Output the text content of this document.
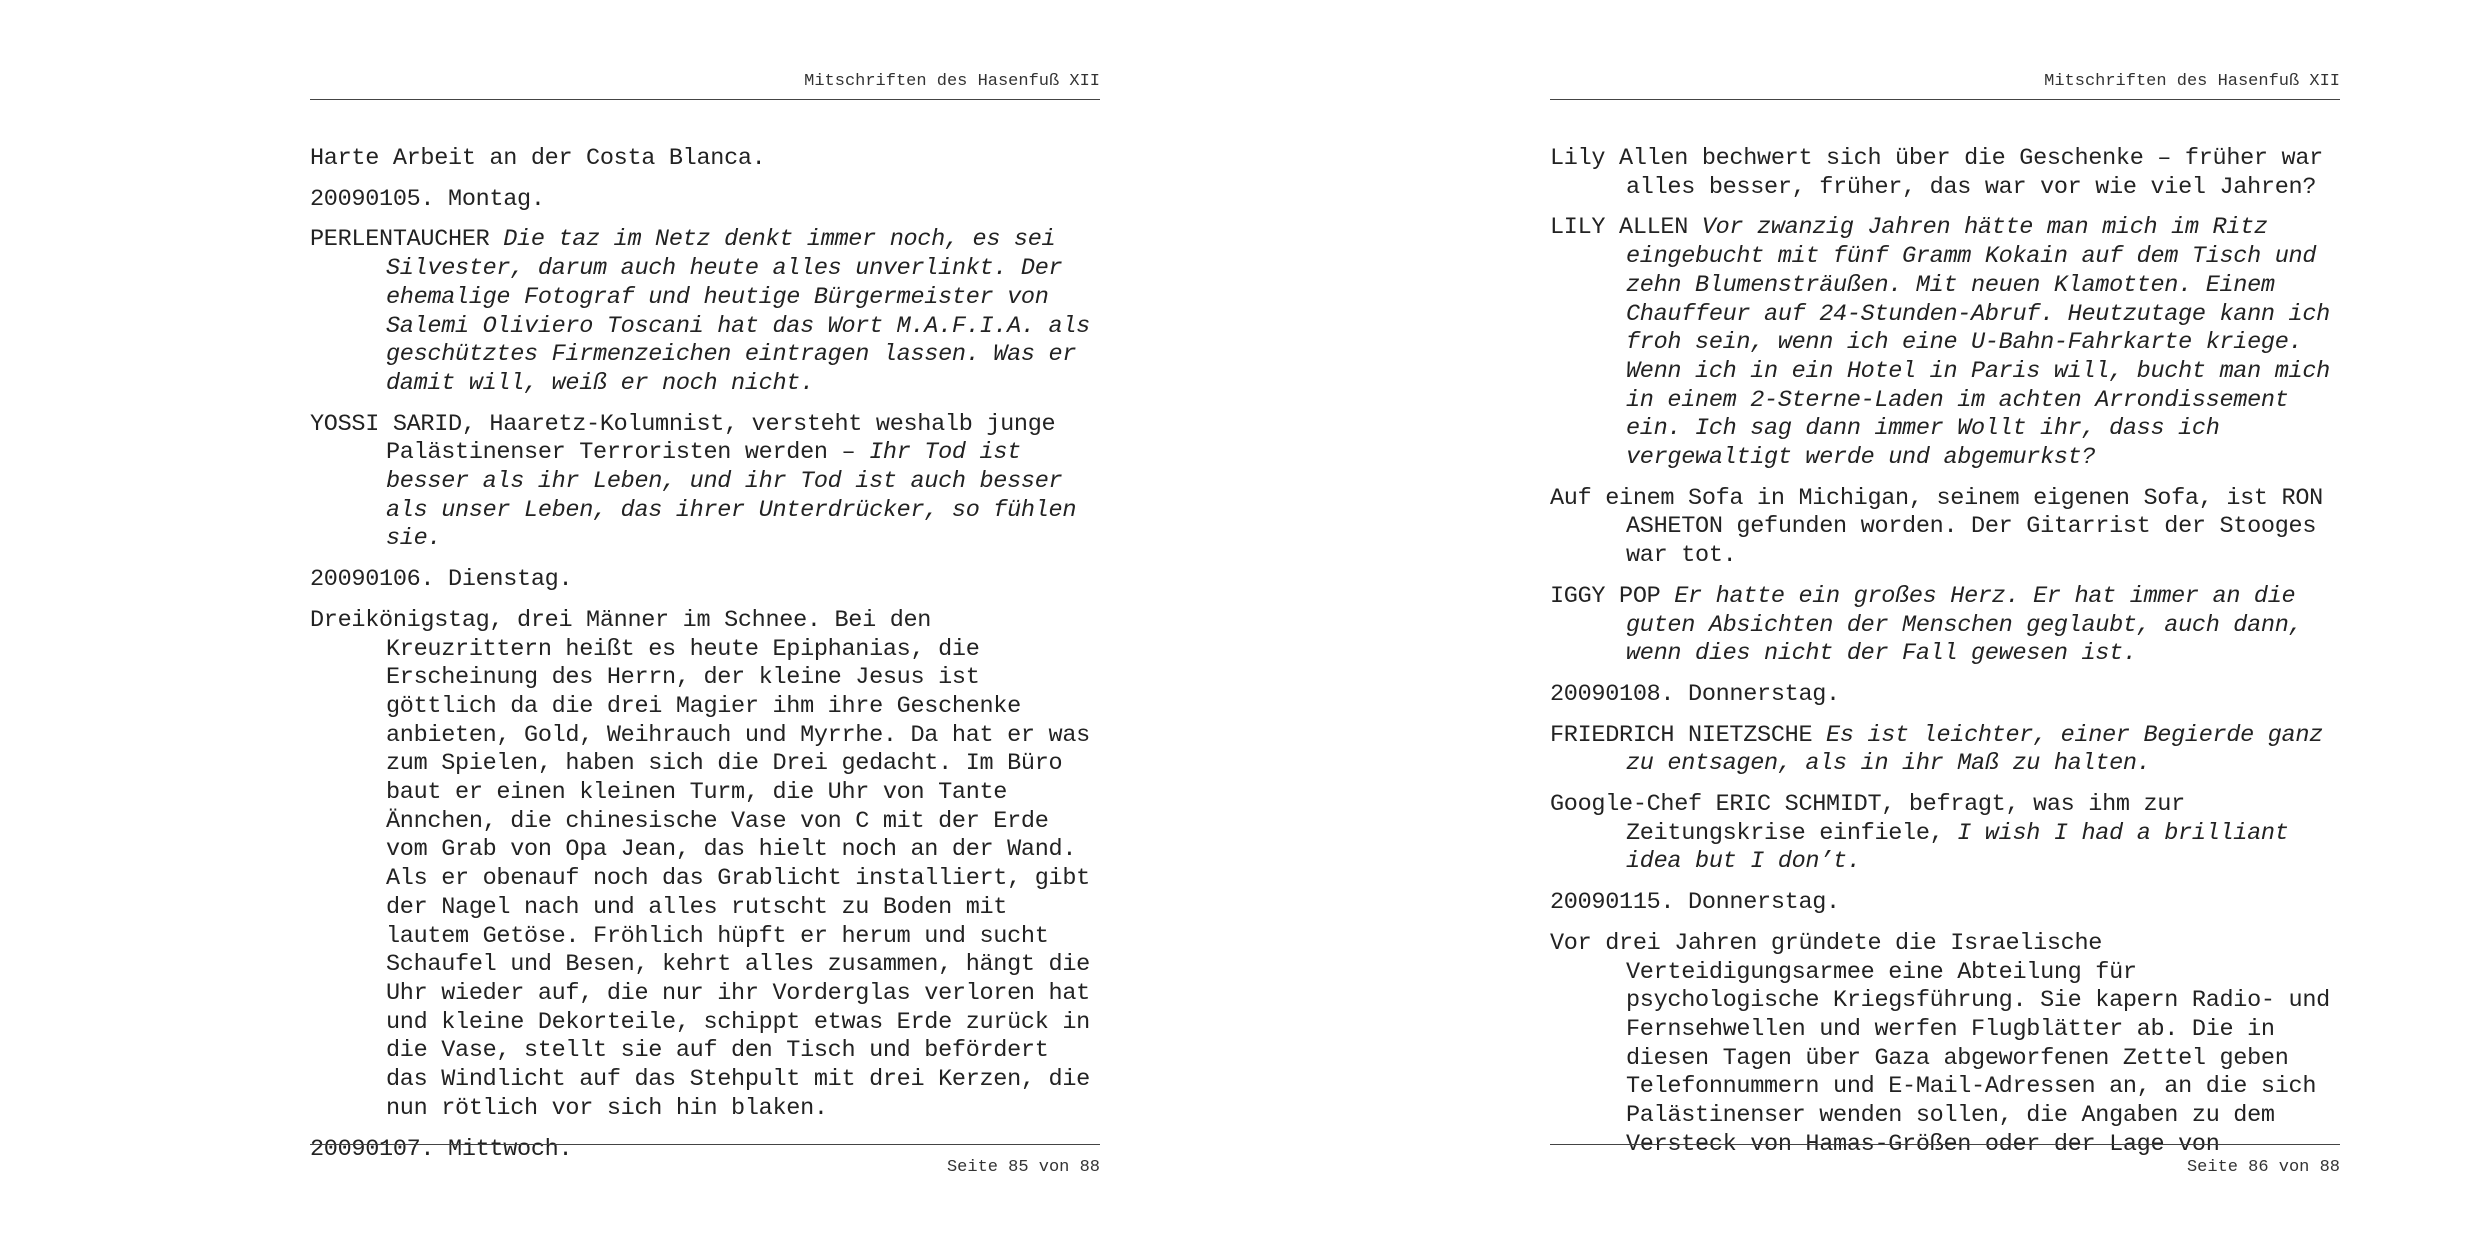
Mitschriften des Hasenfuß XII
Harte Arbeit an der Costa Blanca.
20090105. Montag.
PERLENTAUCHER Die taz im Netz denkt immer noch, es sei Silvester, darum auch heute alles unverlinkt. Der ehemalige Fotograf und heutige Bürgermeister von Salemi Oliviero Toscani hat das Wort M.A.F.I.A. als geschütztes Firmenzeichen eintragen lassen. Was er damit will, weiß er noch nicht.
YOSSI SARID, Haaretz-Kolumnist, versteht weshalb junge Palästinenser Terroristen werden – Ihr Tod ist besser als ihr Leben, und ihr Tod ist auch besser als unser Leben, das ihrer Unterdrücker, so fühlen sie.
20090106. Dienstag.
Dreikönigstag, drei Männer im Schnee. Bei den Kreuzrittern heißt es heute Epiphanias, die Erscheinung des Herrn, der kleine Jesus ist göttlich da die drei Magier ihm ihre Geschenke anbieten, Gold, Weihrauch und Myrrhe. Da hat er was zum Spielen, haben sich die Drei gedacht. Im Büro baut er einen kleinen Turm, die Uhr von Tante Ännchen, die chinesische Vase von C mit der Erde vom Grab von Opa Jean, das hielt noch an der Wand. Als er obenauf noch das Grablicht installiert, gibt der Nagel nach und alles rutscht zu Boden mit lautem Getöse. Fröhlich hüpft er herum und sucht Schaufel und Besen, kehrt alles zusammen, hängt die Uhr wieder auf, die nur ihr Vorderglas verloren hat und kleine Dekorteile, schippt etwas Erde zurück in die Vase, stellt sie auf den Tisch und befördert das Windlicht auf das Stehpult mit drei Kerzen, die nun rötlich vor sich hin blaken.
20090107. Mittwoch.
Seite 85 von 88
Mitschriften des Hasenfuß XII
Lily Allen bechwert sich über die Geschenke – früher war alles besser, früher, das war vor wie viel Jahren?
LILY ALLEN Vor zwanzig Jahren hätte man mich im Ritz eingebucht mit fünf Gramm Kokain auf dem Tisch und zehn Blumensträußen. Mit neuen Klamotten. Einem Chauffeur auf 24-Stunden-Abruf. Heutzutage kann ich froh sein, wenn ich eine U-Bahn-Fahrkarte kriege. Wenn ich in ein Hotel in Paris will, bucht man mich in einem 2-Sterne-Laden im achten Arrondissement ein. Ich sag dann immer Wollt ihr, dass ich vergewaltigt werde und abgemurkst?
Auf einem Sofa in Michigan, seinem eigenen Sofa, ist RON ASHETON gefunden worden. Der Gitarrist der Stooges war tot.
IGGY POP Er hatte ein großes Herz. Er hat immer an die guten Absichten der Menschen geglaubt, auch dann, wenn dies nicht der Fall gewesen ist.
20090108. Donnerstag.
FRIEDRICH NIETZSCHE Es ist leichter, einer Begierde ganz zu entsagen, als in ihr Maß zu halten.
Google-Chef ERIC SCHMIDT, befragt, was ihm zur Zeitungskrise einfiele, I wish I had a brilliant idea but I don’t.
20090115. Donnerstag.
Vor drei Jahren gründete die Israelische Verteidigungsarmee eine Abteilung für psychologische Kriegsführung. Sie kapern Radio- und Fernsehwellen und werfen Flugblätter ab. Die in diesen Tagen über Gaza abgeworfenen Zettel geben Telefonnummern und E-Mail-Adressen an, an die sich Palästinenser wenden sollen, die Angaben zu dem Versteck von Hamas-Größen oder der Lage von
Seite 86 von 88
